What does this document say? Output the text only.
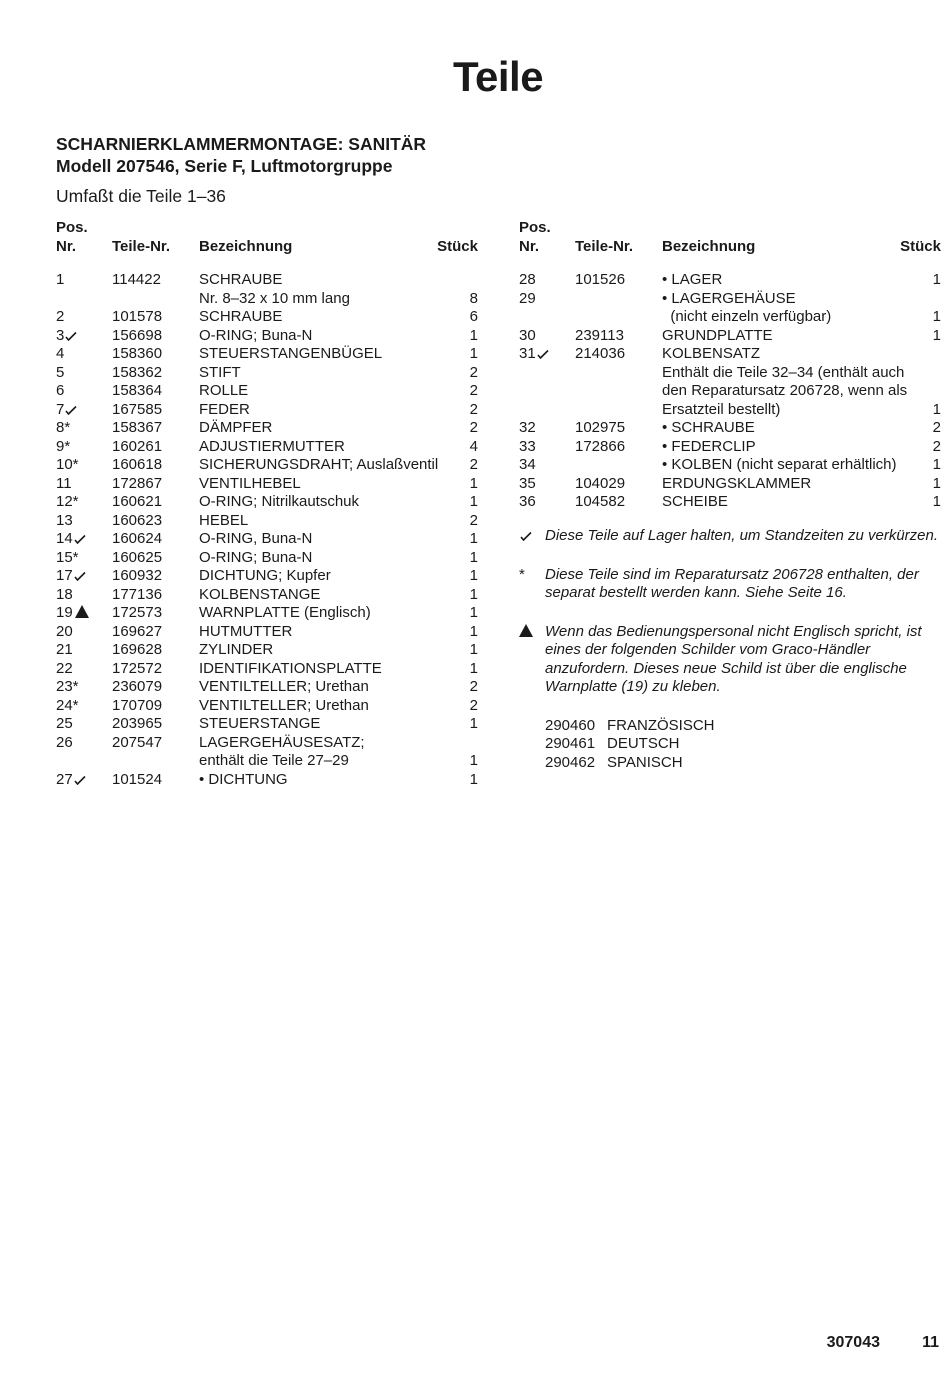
Teile
SCHARNIERKLAMMERMONTAGE: SANITÄR
Modell 207546, Serie F, Luftmotorgruppe
Umfaßt die Teile 1–36
Pos.
Nr. Teile-Nr. Bezeichnung	Stück
1	114422	SCHRAUBE
Nr. 8–32 x 10 mm lang	8
2	101578 SCHRAUBE	6
3	156698 O-RING; Buna-N	1
4	158360 STEUERSTANGENBÜGEL	1
5	158362 STIFT	2
6	158364 ROLLE	2
7	167585 FEDER	2
8*	158367 DÄMPFER	2
9*	160261 ADJUSTIERMUTTER	4
10* 160618 SICHERUNGSDRAHT; Auslaßventil	2
11	172867 VENTILHEBEL	1
12* 160621 O-RING; Nitrilkautschuk	1
13	160623 HEBEL	2
14	160624 O-RING, Buna-N	1
15* 160625 O-RING; Buna-N	1
17	160932 DICHTUNG; Kupfer	1
18	177136 KOLBENSTANGE	1
19	172573 WARNPLATTE (Englisch)	1
20	169627 HUTMUTTER	1
21	169628 ZYLINDER	1
22	172572 IDENTIFIKATIONSPLATTE	1
23* 236079 VENTILTELLER; Urethan	2
24* 170709 VENTILTELLER; Urethan	2
25	203965 STEUERSTANGE	1
26	207547 LAGERGEHÄUSESATZ;
enthält die Teile 27–29	1
27	101524 • DICHTUNG	1
Pos.
Nr. Teile-Nr. Bezeichnung	Stück
28	101526 • LAGER	1
29	• LAGERGEHÄUSE
(nicht einzeln verfügbar)	1
30	239113	GRUNDPLATTE	1
31	214036 KOLBENSATZ
Enthält die Teile 32–34 (enthält auch
den Reparatursatz 206728, wenn als
Ersatzteil bestellt)	1
32	102975 • SCHRAUBE	2
33	172866 • FEDERCLIP	2
34	• KOLBEN (nicht separat erhältlich) 1
35	104029 ERDUNGSKLAMMER	1
36	104582 SCHEIBE	1
Diese Teile auf Lager halten, um Standzeiten zu verkürzen.
* Diese Teile sind im Reparatursatz 206728 enthalten, der separat bestellt werden kann. Siehe Seite 16.
Wenn das Bedienungspersonal nicht Englisch spricht, ist eines der folgenden Schilder vom Graco-Händler anzufordern. Dieses neue Schild ist über die englische Warnplatte (19) zu kleben.
290460 FRANZÖSISCH
290461 DEUTSCH
290462 SPANISCH
307043	11
